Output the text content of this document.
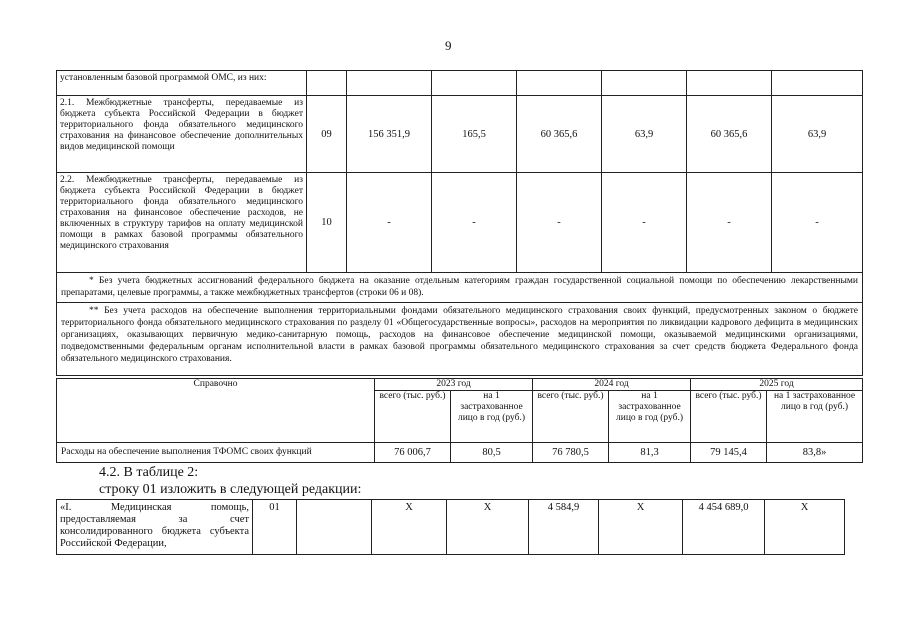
9
установленным базовой программой ОМС, из них:							
2.1. Межбюджетные трансферты, передаваемые из бюджета субъекта Российской Федерации в бюджет территориального фонда обязательного медицинского страхования на финансовое обеспечение дополнительных видов медицинской помощи	09	156 351,9	165,5	60 365,6	63,9	60 365,6	63,9
2.2. Межбюджетные трансферты, передаваемые из бюджета субъекта Российской Федерации в бюджет территориального фонда обязательного медицинского страхования на финансовое обеспечение расходов, не включенных в структуру тарифов на оплату медицинской помощи в рамках базовой программы обязательного медицинского страхования	10	-	-	-	-	-	-
* Без учета бюджетных ассигнований федерального бюджета на оказание отдельным категориям граждан государственной социальной помощи по обеспечению лекарственными препаратами, целевые программы, а также межбюджетных трансфертов (строки 06 и 08).							
** Без учета расходов на обеспечение выполнения территориальными фондами обязательного медицинского страхования своих функций, предусмотренных законом о бюджете территориального фонда обязательного медицинского страхования по разделу 01 «Общегосударственные вопросы», расходов на мероприятия по ликвидации кадрового дефицита в медицинских организациях, оказывающих первичную медико-санитарную помощь, расходов на финансовое обеспечение медицинской помощи, оказываемой медицинскими организациями, подведомственными федеральным органам исполнительной власти в рамках базовой программы обязательного медицинского страхования за счет средств бюджета Федерального фонда обязательного медицинского страхования.							
Справочно	2023 год		2024 год		2025 год	
	всего (тыс. руб.)	на 1 застрахованное лицо в год (руб.)	всего (тыс. руб.)	на 1 застрахованное лицо в год (руб.)	всего (тыс. руб.)	на 1 застрахованное лицо в год (руб.)
Расходы на обеспечение выполнения ТФОМС своих функций	76 006,7	80,5	76 780,5	81,3	79 145,4	83,8»
4.2. В таблице 2:
строку 01 изложить в следующей редакции:
«I. Медицинская помощь, предоставляемая за счет консолидированного бюджета субъекта Российской Федерации,	01		Х	Х	4 584,9	Х	4 454 689,0	Х
